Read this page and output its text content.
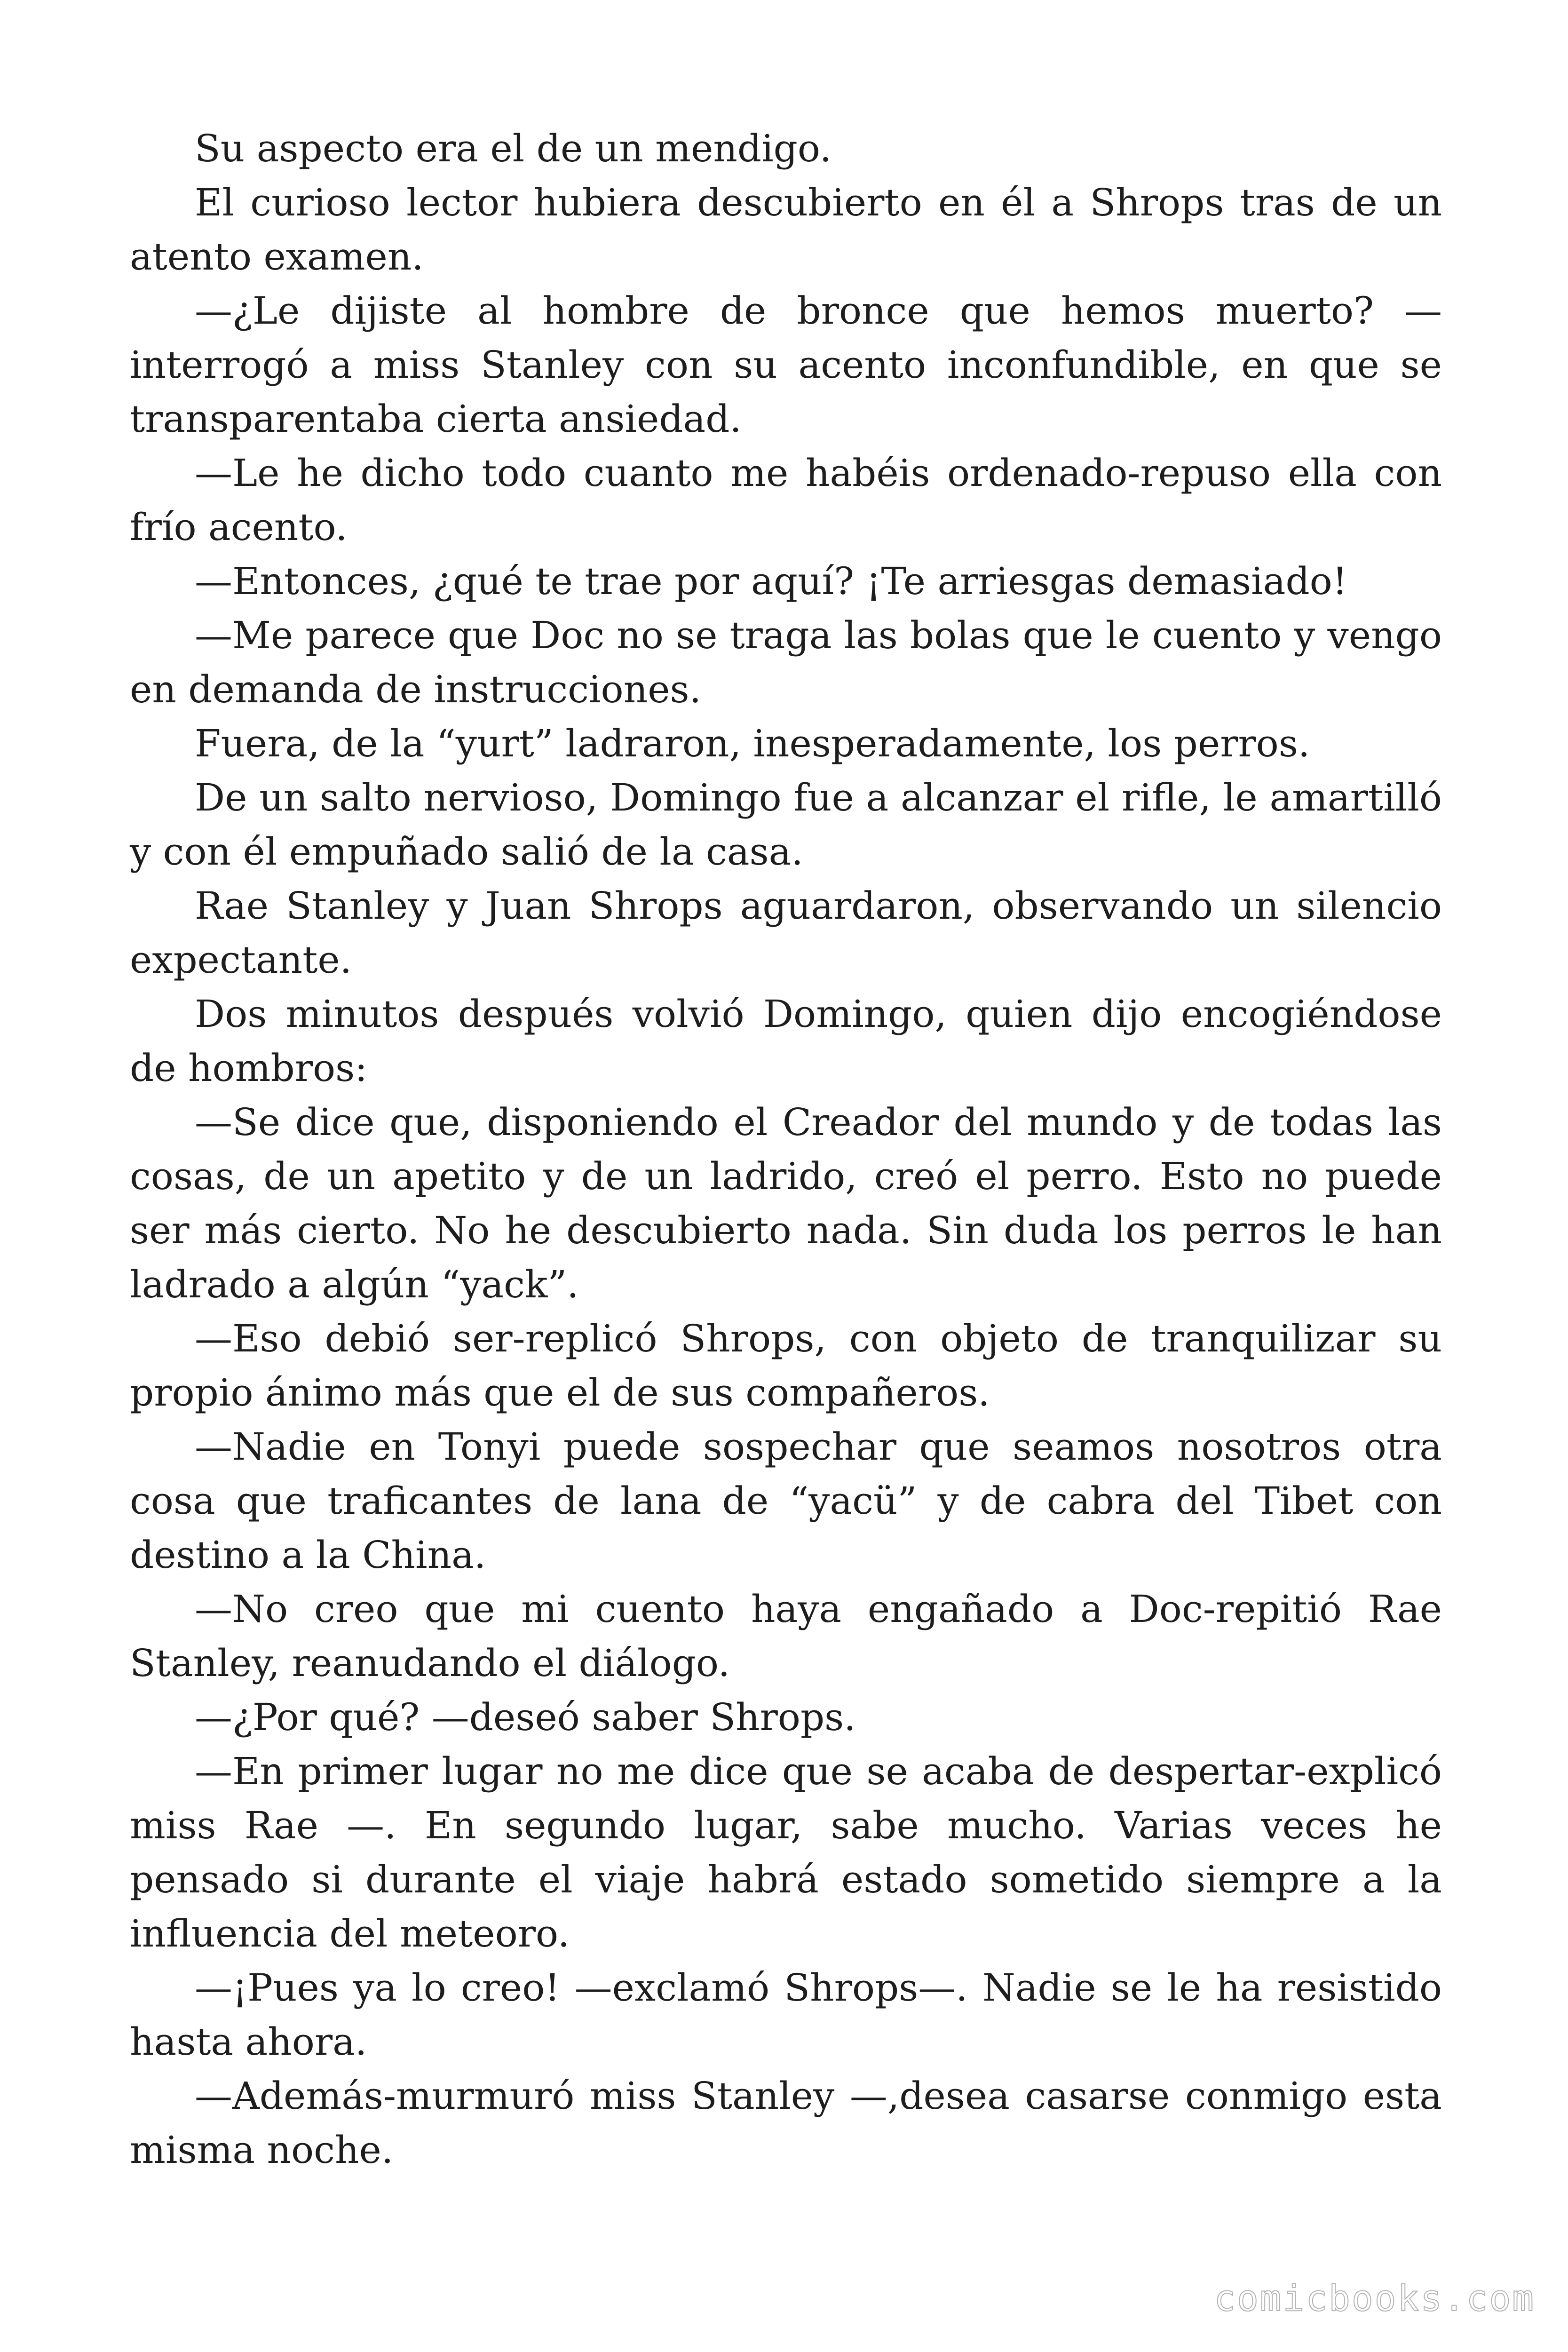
Su aspecto era el de un mendigo.

El curioso lector hubiera descubierto en él a Shrops tras de un atento examen.

—¿Le dijiste al hombre de bronce que hemos muerto? —interrogó a miss Stanley con su acento inconfundible, en que se transparentaba cierta ansiedad.

—Le he dicho todo cuanto me habéis ordenado-repuso ella con frío acento.

—Entonces, ¿qué te trae por aquí? ¡Te arriesgas demasiado!

—Me parece que Doc no se traga las bolas que le cuento y vengo en demanda de instrucciones.

Fuera, de la “yurt” ladraron, inesperadamente, los perros.

De un salto nervioso, Domingo fue a alcanzar el rifle, le amartilló y con él empuñado salió de la casa.

Rae Stanley y Juan Shrops aguardaron, observando un silencio expectante.

Dos minutos después volvió Domingo, quien dijo encogiéndose de hombros:

—Se dice que, disponiendo el Creador del mundo y de todas las cosas, de un apetito y de un ladrido, creó el perro. Esto no puede ser más cierto. No he descubierto nada. Sin duda los perros le han ladrado a algún “yack”.

—Eso debió ser-replicó Shrops, con objeto de tranquilizar su propio ánimo más que el de sus compañeros.

—Nadie en Tonyi puede sospechar que seamos nosotros otra cosa que traficantes de lana de “yacü” y de cabra del Tibet con destino a la China.

—No creo que mi cuento haya engañado a Doc-repitió Rae Stanley, reanudando el diálogo.

—¿Por qué? —deseó saber Shrops.

—En primer lugar no me dice que se acaba de despertar-explicó miss Rae —. En segundo lugar, sabe mucho. Varias veces he pensado si durante el viaje habrá estado sometido siempre a la influencia del meteoro.

—¡Pues ya lo creo! —exclamó Shrops—. Nadie se le ha resistido hasta ahora.

—Además-murmuró miss Stanley —,desea casarse conmigo esta misma noche.

comicbooks.com
